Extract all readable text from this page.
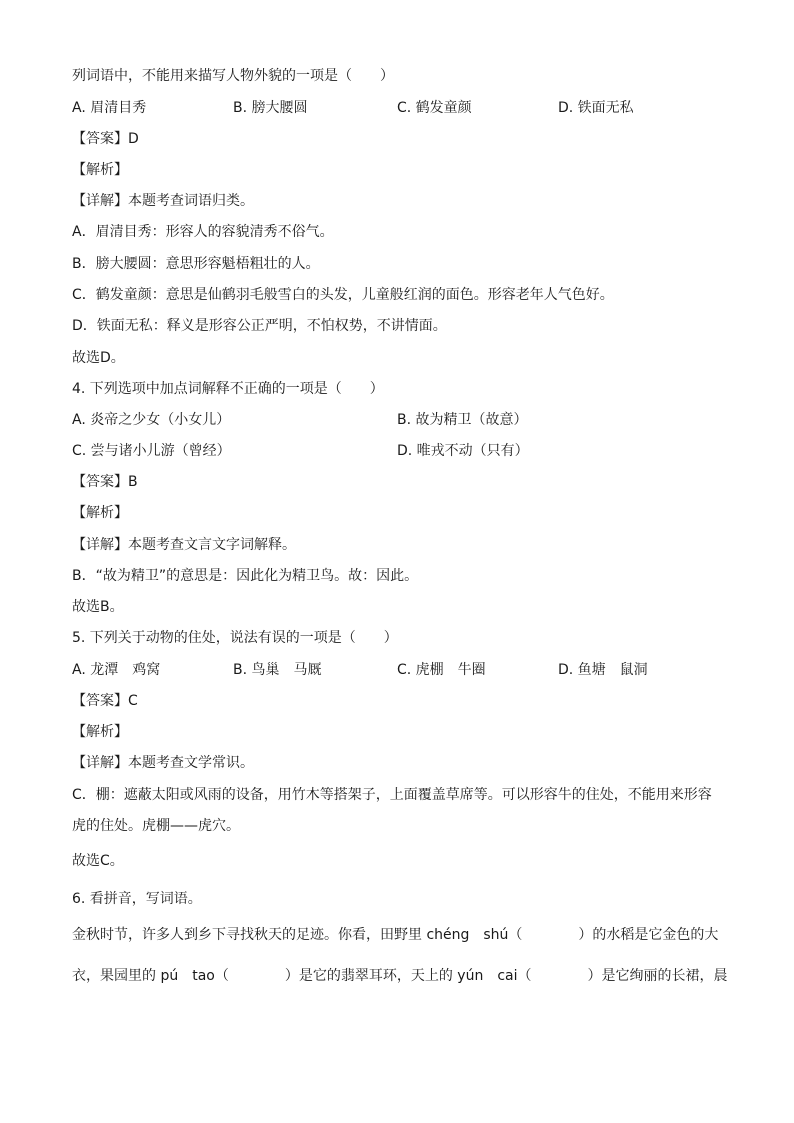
列词语中，不能用来描写人物外貌的一项是（　　）
A. 眉清目秀	B. 膀大腰圆	C. 鹤发童颜	D. 铁面无私
【答案】D
【解析】
【详解】本题考查词语归类。
A．眉清目秀：形容人的容貌清秀不俗气。
B．膀大腰圆：意思形容魁梧粗壮的人。
C．鹤发童颜：意思是仙鹤羽毛般雪白的头发，儿童般红润的面色。形容老年人气色好。
D．铁面无私：释义是形容公正严明，不怕权势，不讲情面。
故选D。
4. 下列选项中加点词解释不正确的一项是（　　）
A. 炎帝之少女（小女儿）	B. 故为精卫（故意）
C. 尝与诸小儿游（曾经）	D. 唯戎不动（只有）
【答案】B
【解析】
【详解】本题考查文言文字词解释。
B．“故为精卫”的意思是：因此化为精卫鸟。故：因此。
故选B。
5. 下列关于动物的住处，说法有误的一项是（　　）
A. 龙潭　鸡窝	B. 鸟巢　马厩	C. 虎棚　牛圈	D. 鱼塘　鼠洞
【答案】C
【解析】
【详解】本题考查文学常识。
C．棚：遮蔽太阳或风雨的设备，用竹木等搭架子，上面覆盖草席等。可以形容牛的住处，不能用来形容
虎的住处。虎棚——虎穴。
故选C。
6. 看拼音，写词语。
金秋时节，许多人到乡下寻找秋天的足迹。你看，田野里 chéng　shú（　　　　）的水稻是它金色的大
衣，果园里的 pú　tao（　　　　）是它的翡翠耳环，天上的 yún　cai（　　　　）是它绚丽的长裙，晨
